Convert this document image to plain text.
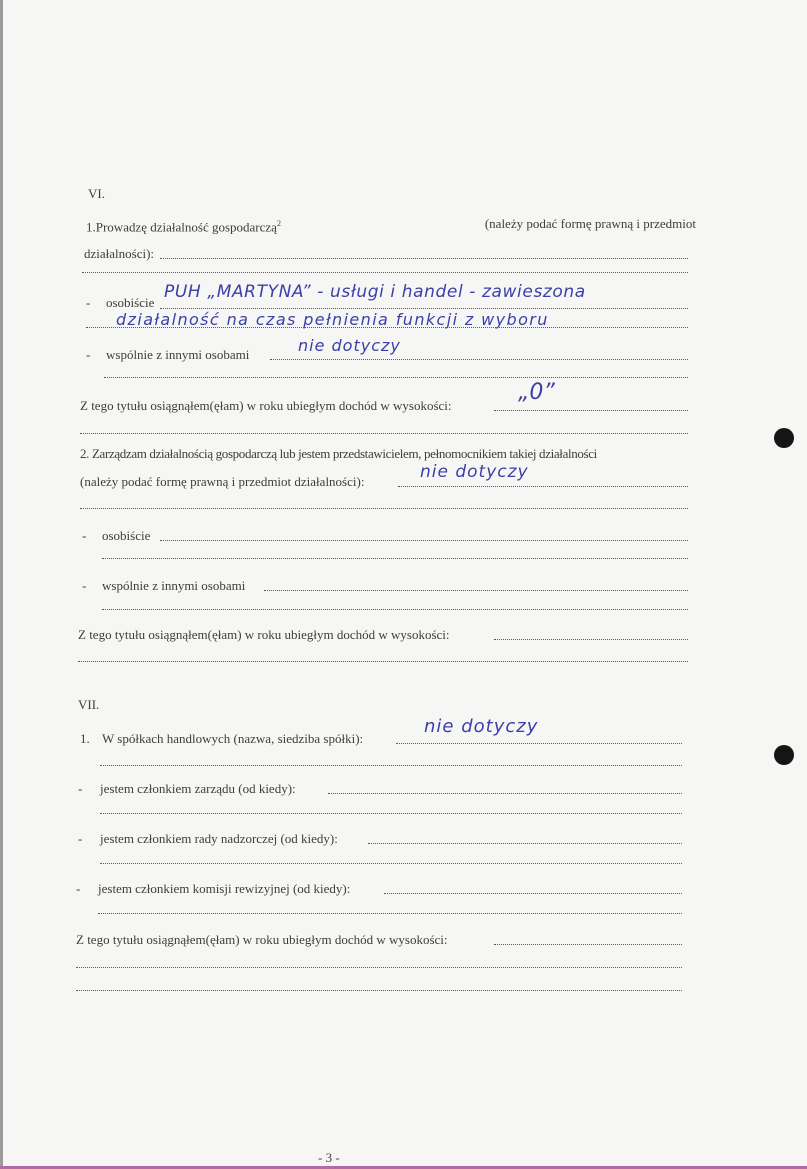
VI.
1.Prowadzę działalność gospodarczą$^2$	(należy podać formę prawną i przedmiot
działalności):
- osobiście
PUH „MARTYNA” - usługi i handel - zawieszona
działalność na czas pełnienia funkcji z wyboru
- wspólnie z innymi osobami	nie dotyczy
Z tego tytułu osiągnąłem(ęłam) w roku ubiegłym dochód w wysokości:
„0”
2. Zarządzam działalnością gospodarczą lub jestem przedstawicielem, pełnomocnikiem takiej działalności
(należy podać formę prawną i przedmiot działalności):	nie dotyczy
- osobiście
- wspólnie z innymi osobami
Z tego tytułu osiągnąłem(ęłam) w roku ubiegłym dochód w wysokości:
VII.
1. W spółkach handlowych (nazwa, siedziba spółki):
nie dotyczy
- jestem członkiem zarządu (od kiedy):
- jestem członkiem rady nadzorczej (od kiedy):
- jestem członkiem komisji rewizyjnej (od kiedy):
Z tego tytułu osiągnąłem(ęłam) w roku ubiegłym dochód w wysokości:
- 3 -
